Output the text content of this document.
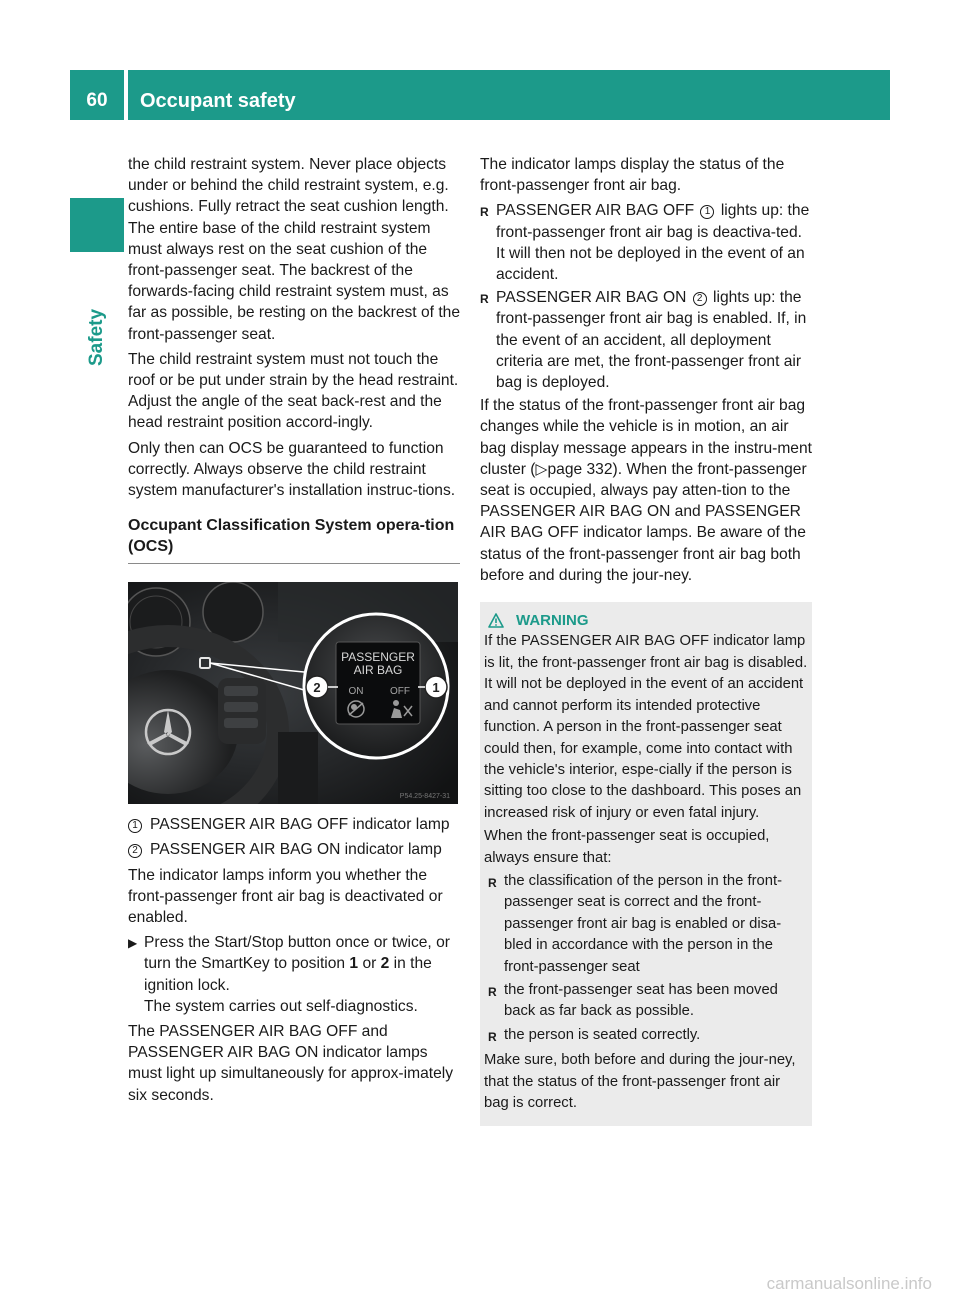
60	Occupant safety
Safety

the child restraint system. Never place objects under or behind the child restraint system, e.g. cushions. Fully retract the seat cushion length. The entire base of the child restraint system must always rest on the seat cushion of the front-passenger seat. The backrest of the forwards-facing child restraint system must, as far as possible, be resting on the backrest of the front-passenger seat.

The child restraint system must not touch the roof or be put under strain by the head restraint. Adjust the angle of the seat back-rest and the head restraint position accord-ingly.

Only then can OCS be guaranteed to function correctly. Always observe the child restraint system manufacturer's installation instruc-tions.

Occupant Classification System opera-tion (OCS)
PASSENGER
AIR BAG
ON	OFF
2	1
P54.25-8427-31
1 PASSENGER AIR BAG OFF indicator lamp
2 PASSENGER AIR BAG ON indicator lamp

The indicator lamps inform you whether the front-passenger front air bag is deactivated or enabled.

▶ Press the Start/Stop button once or twice, or turn the SmartKey to position 1 or 2 in the ignition lock.
The system carries out self-diagnostics.

The PASSENGER AIR BAG OFF and PASSENGER AIR BAG ON indicator lamps must light up simultaneously for approx-imately six seconds.

The indicator lamps display the status of the front-passenger front air bag.

R PASSENGER AIR BAG OFF 1 lights up: the front-passenger front air bag is deactiva-ted. It will then not be deployed in the event of an accident.
R PASSENGER AIR BAG ON 2 lights up: the front-passenger front air bag is enabled. If, in the event of an accident, all deployment criteria are met, the front-passenger front air bag is deployed.

If the status of the front-passenger front air bag changes while the vehicle is in motion, an air bag display message appears in the instru-ment cluster (▷page 332). When the front-passenger seat is occupied, always pay atten-tion to the PASSENGER AIR BAG ON and PASSENGER AIR BAG OFF indicator lamps. Be aware of the status of the front-passenger front air bag both before and during the jour-ney.

WARNING

If the PASSENGER AIR BAG OFF indicator lamp is lit, the front-passenger front air bag is disabled. It will not be deployed in the event of an accident and cannot perform its intended protective function. A person in the front-passenger seat could then, for example, come into contact with the vehicle's interior, espe-cially if the person is sitting too close to the dashboard. This poses an increased risk of injury or even fatal injury.

When the front-passenger seat is occupied, always ensure that:

R the classification of the person in the front-passenger seat is correct and the front-passenger front air bag is enabled or disa-bled in accordance with the person in the front-passenger seat
R the front-passenger seat has been moved back as far back as possible.
R the person is seated correctly.

Make sure, both before and during the jour-ney, that the status of the front-passenger front air bag is correct.

carmanualsonline.info
